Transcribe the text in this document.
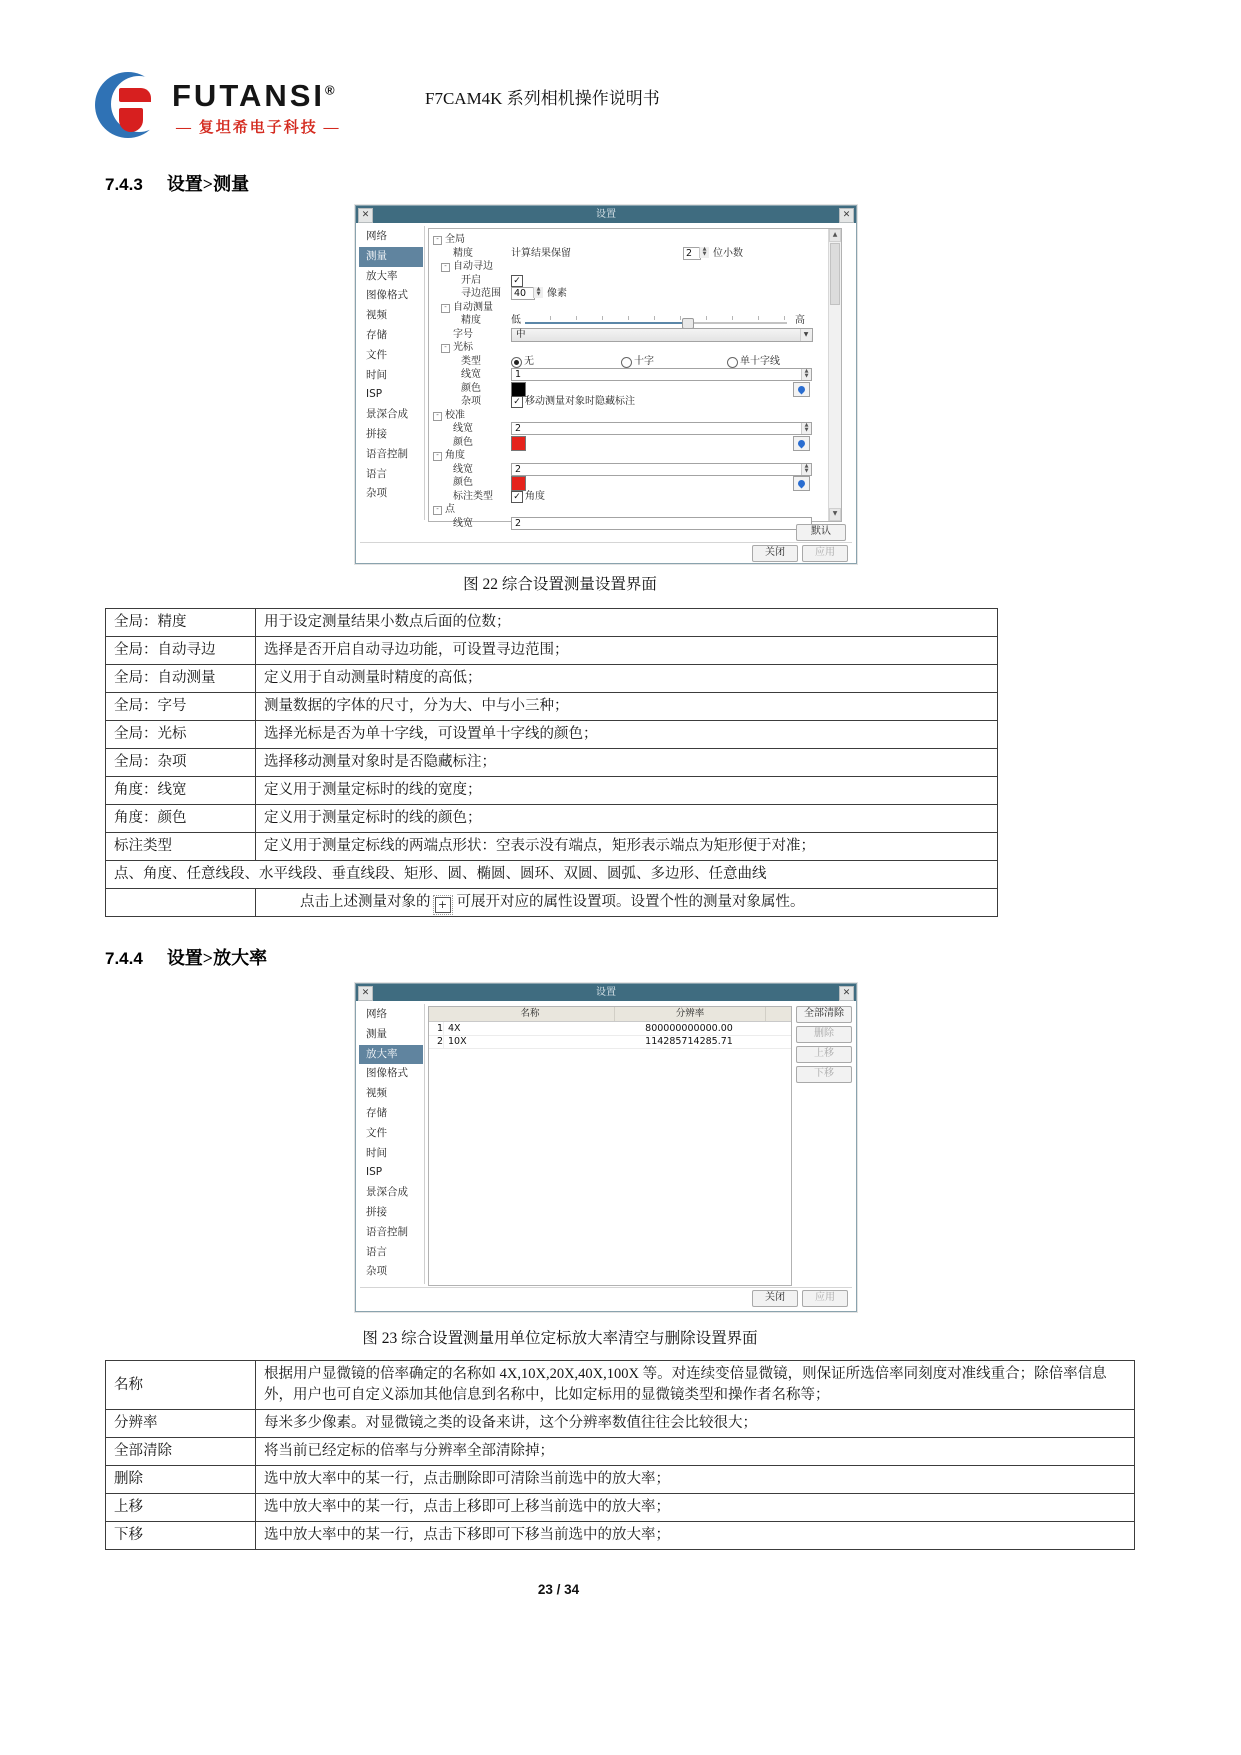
FUTANSI®
— 复坦希电子科技 —
F7CAM4K 系列相机操作说明书
7.4.3 设置>测量
✕	设置	✕
网络
测量
放大率
图像格式
视频
存储
文件
时间
ISP
景深合成
拼接
语音控制
语言
杂项
- 全局
精度	计算结果保留	2	▲
▼ 位小数
- 自动寻边
开启	✓
寻边范围	40	▲
▼ 像素
- 自动测量
精度	低	高
字号	中	▼
- 光标
类型	无	十字	单十字线
线宽	1	▲
▼
颜色
杂项	✓ 移动测量对象时隐藏标注
- 校准
线宽	2	▲
▼
颜色
- 角度
线宽	2	▲
▼
颜色
标注类型 ✓ 角度
- 点
线宽	2
▲
▼
默认
关闭	应用
图 22 综合设置测量设置界面
全局：精度	用于设定测量结果小数点后面的位数；
全局：自动寻边	选择是否开启自动寻边功能，可设置寻边范围；
全局：自动测量	定义用于自动测量时精度的高低；
全局：字号	测量数据的字体的尺寸，分为大、中与小三种；
全局：光标	选择光标是否为单十字线，可设置单十字线的颜色；
全局：杂项	选择移动测量对象时是否隐藏标注；
角度：线宽	定义用于测量定标时的线的宽度；
角度：颜色	定义用于测量定标时的线的颜色；
标注类型	定义用于测量定标线的两端点形状：空表示没有端点，矩形表示端点为矩形便于对准；
点、角度、任意线段、水平线段、垂直线段、矩形、圆、椭圆、圆环、双圆、圆弧、多边形、任意曲线	
	点击上述测量对象的 + 可展开对应的属性设置项。设置个性的测量对象属性。
7.4.4 设置>放大率
✕	设置	✕
网络
测量
放大率
图像格式
视频
存储
文件
时间
ISP
景深合成
拼接
语音控制
语言
杂项
名称	分辨率
1 4X	800000000000.00
2 10X	114285714285.71
全部清除
删除
上移
下移
关闭	应用
图 23 综合设置测量用单位定标放大率清空与删除设置界面
名称	根据用户显微镜的倍率确定的名称如 4X,10X,20X,40X,100X 等。对连续变倍显微镜，则保证所选倍率同刻度对准线重合；除倍率信息外，用户也可自定义添加其他信息到名称中，比如定标用的显微镜类型和操作者名称等；
分辨率	每米多少像素。对显微镜之类的设备来讲，这个分辨率数值往往会比较很大；
全部清除	将当前已经定标的倍率与分辨率全部清除掉；
删除	选中放大率中的某一行，点击删除即可清除当前选中的放大率；
上移	选中放大率中的某一行，点击上移即可上移当前选中的放大率；
下移	选中放大率中的某一行，点击下移即可下移当前选中的放大率；
23 / 34
